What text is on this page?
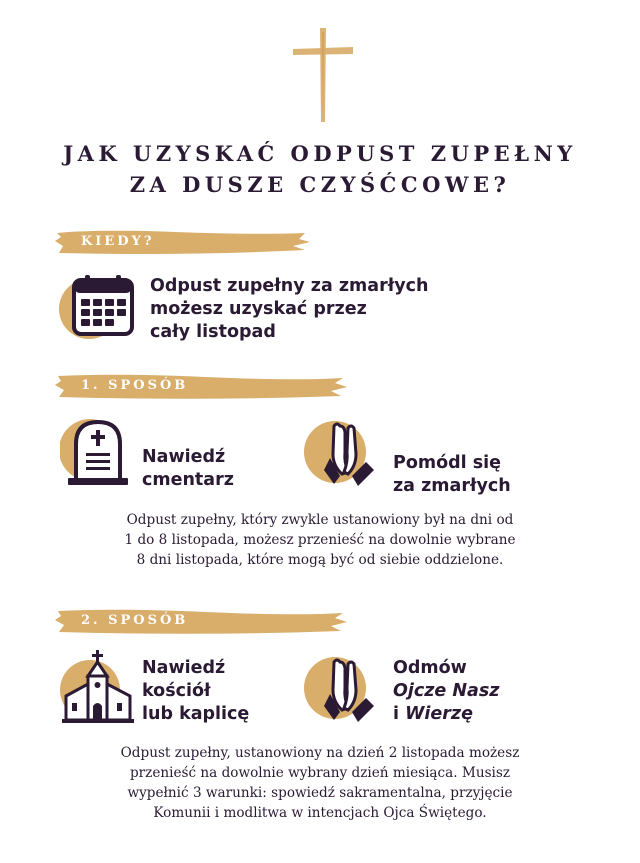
JAK UZYSKAĆ ODPUST ZUPEŁNY
ZA DUSZE CZYŚĆCOWE?
KIEDY?
Odpust zupełny za zmarłych
możesz uzyskać przez
cały listopad
1. SPOSÓB
Nawiedź
cmentarz
Pomódl się
za zmarłych
Odpust zupełny, który zwykle ustanowiony był na dni od
1 do 8 listopada, możesz przenieść na dowolnie wybrane
8 dni listopada, które mogą być od siebie oddzielone.
2. SPOSÓB
Nawiedź
kościół
lub kaplicę
Odmów
Ojcze Nasz
i Wierzę
Odpust zupełny, ustanowiony na dzień 2 listopada możesz
przenieść na dowolnie wybrany dzień miesiąca. Musisz
wypełnić 3 warunki: spowiedź sakramentalna, przyjęcie
Komunii i modlitwa w intencjach Ojca Świętego.
